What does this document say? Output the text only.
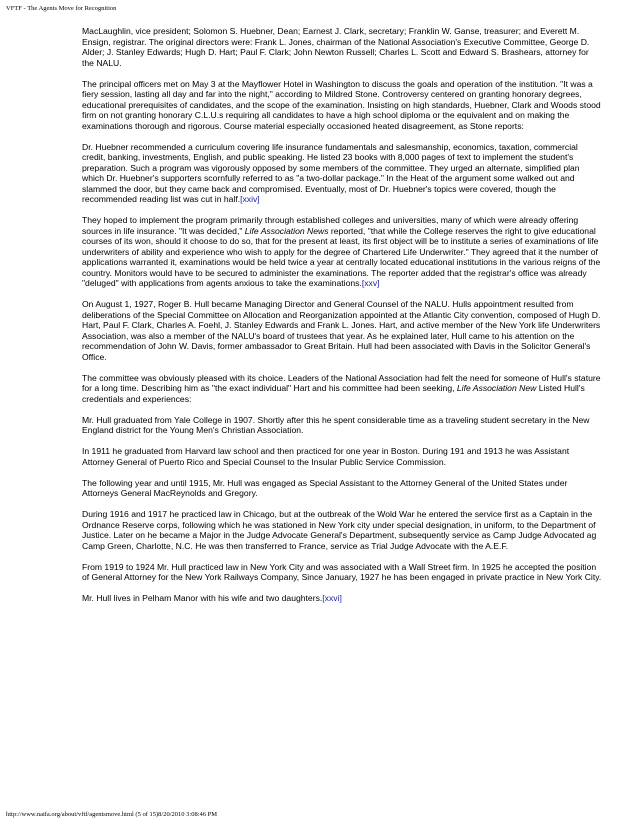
VFTF - The Agents Move for Recognition

MacLaughlin, vice president; Solomon S. Huebner, Dean; Earnest J. Clark, secretary; Franklin W. Ganse, treasurer; and Everett M. Ensign, registrar. The original directors were: Frank L. Jones, chairman of the National Association's Executive Committee, George D. Alder; J. Stanley Edwards; Hugh D. Hart; Paul F. Clark; John Newton Russell; Charles L. Scott and Edward S. Brashears, attorney for the NALU.

The principal officers met on May 3 at the Mayflower Hotel in Washington to discuss the goals and operation of the institution. "It was a fiery session, lasting all day and far into the night," according to Mildred Stone. Controversy centered on granting honorary degrees, educational prerequisites of candidates, and the scope of the examination. Insisting on high standards, Huebner, Clark and Woods stood firm on not granting honorary C.L.U.s requiring all candidates to have a high school diploma or the equivalent and on making the examinations thorough and rigorous. Course material especially occasioned heated disagreement, as Stone reports:

Dr. Huebner recommended a curriculum covering life insurance fundamentals and salesmanship, economics, taxation, commercial credit, banking, investments, English, and public speaking. He listed 23 books with 8,000 pages of text to implement the student's preparation. Such a program was vigorously opposed by some members of the committee. They urged an alternate, simplified plan which Dr. Huebner's supporters scornfully referred to as "a two-dollar package." In the Heat of the argument some walked out and slammed the door, but they came back and compromised. Eventually, most of Dr. Huebner's topics were covered, though the recommended reading list was cut in half.[xxiv]

They hoped to implement the program primarily through established colleges and universities, many of which were already offering sources in life insurance. "It was decided," Life Association News reported, "that while the College reserves the right to give educational courses of its won, should it choose to do so, that for the present at least, its first object will be to institute a series of examinations of life underwriters of ability and experience who wish to apply for the degree of Chartered Life Underwriter." They agreed that it the number of applications warranted it, examinations would be held twice a year at centrally located educational institutions in the various reigns of the country. Monitors would have to be secured to administer the examinations. The reporter added that the registrar's office was already "deluged" with applications from agents anxious to take the examinations.[xxv]

On August 1, 1927, Roger B. Hull became Managing Director and General Counsel of the NALU. Hulls appointment resulted from deliberations of the Special Committee on Allocation and Reorganization appointed at the Atlantic City convention, composed of Hugh D. Hart, Paul F. Clark, Charles A. Foehl, J. Stanley Edwards and Frank L. Jones. Hart, and active member of the New York life Underwriters Association, was also a member of the NALU's board of trustees that year. As he explained later, Hull came to his attention on the recommendation of John W. Davis, former ambassador to Great Britain. Hull had been associated with Davis in the Solicitor General's Office.

The committee was obviously pleased with its choice. Leaders of the National Association had felt the need for someone of Hull's stature for a long time. Describing him as "the exact individual" Hart and his committee had been seeking, Life Association New Listed Hull's credentials and experiences:

Mr. Hull graduated from Yale College in 1907. Shortly after this he spent considerable time as a traveling student secretary in the New England district for the Young Men's Christian Association.

In 1911 he graduated from Harvard law school and then practiced for one year in Boston. During 191 and 1913 he was Assistant Attorney General of Puerto Rico and Special Counsel to the Insular Public Service Commission.

The following year and until 1915, Mr. Hull was engaged as Special Assistant to the Attorney General of the United States under Attorneys General MacReynolds and Gregory.

During 1916 and 1917 he practiced law in Chicago, but at the outbreak of the Wold War he entered the service first as a Captain in the Ordnance Reserve corps, following which he was stationed in New York city under special designation, in uniform, to the Department of Justice. Later on he became a Major in the Judge Advocate General's Department, subsequently service as Camp Judge Advocated ag Camp Green, Charlotte, N.C. He was then transferred to France, service as Trial Judge Advocate with the A.E.F.

From 1919 to 1924 Mr. Hull practiced law in New York City and was associated with a Wall Street firm. In 1925 he accepted the position of General Attorney for the New York Railways Company, Since January, 1927 he has been engaged in private practice in New York City.

Mr. Hull lives in Pelham Manor with his wife and two daughters.[xxvi]

http://www.naifa.org/about/vftf/agentsmove.html (5 of 15)8/20/2010 3:08:46 PM
